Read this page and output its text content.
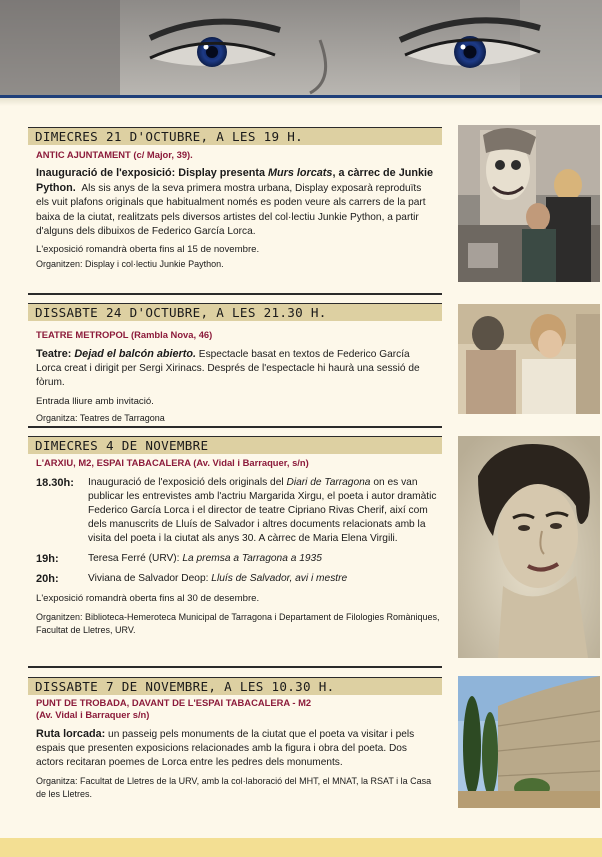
DIMECRES 21 D'OCTUBRE, A LES 19 H.
ANTIC AJUNTAMENT (c/ Major, 39).
Inauguració de l'exposició: Display presenta Murs lorcats, a càrrec de Junkie Python. Als sis anys de la seva primera mostra urbana, Display exposarà reproduïts els vuit plafons originals que habitualment només es poden veure als carrers de la part baixa de la ciutat, realitzats pels diversos artistes del col·lectiu Junkie Python, a partir d'alguns dels dibuixos de Federico García Lorca.
L'exposició romandrà oberta fins al 15 de novembre.
Organitzen: Display i col·lectiu Junkie Paython.
DISSABTE 24 D'OCTUBRE, A LES 21.30 H.
TEATRE METROPOL (Rambla Nova, 46)
Teatre: Dejad el balcón abierto. Espectacle basat en textos de Federico García Lorca creat i dirigit per Sergi Xirinacs. Després de l'espectacle hi haurà una sessió de fòrum.
Entrada lliure amb invitació.
Organitza: Teatres de Tarragona
DIMECRES 4 DE NOVEMBRE
L'ARXIU, M2, ESPAI TABACALERA (Av. Vidal i Barraquer, s/n)
18.30h:	Inauguració de l'exposició dels originals del Diari de Tarragona on es van publicar les entrevistes amb l'actriu Margarida Xirgu, el poeta i autor dramàtic Federico García Lorca i el director de teatre Cipriano Rivas Cherif, així com dels manuscrits de Lluís de Salvador i altres documents relacionats amb la visita del poeta i la ciutat als anys 30. A càrrec de Maria Elena Virgili.
19h:	Teresa Ferré (URV): La premsa a Tarragona a 1935
20h:	Viviana de Salvador Deop: Lluís de Salvador, avi i mestre
L'exposició romandrà oberta fins al 30 de desembre.
Organitzen: Biblioteca-Hemeroteca Municipal de Tarragona i Departament de Filologies Romàniques, Facultat de Lletres, URV.
DISSABTE 7 DE NOVEMBRE, A LES 10.30 H.
PUNT DE TROBADA, DAVANT DE L'ESPAI TABACALERA - M2
(Av. Vidal i Barraquer s/n)
Ruta lorcada: un passeig pels monuments de la ciutat que el poeta va visitar i pels espais que presenten exposicions relacionades amb la figura i obra del poeta. Dos actors recitaran poemes de Lorca entre les pedres dels monuments.
Organitza: Facultat de Lletres de la URV, amb la col·laboració del MHT, el MNAT, la RSAT i la Casa de les Lletres.
